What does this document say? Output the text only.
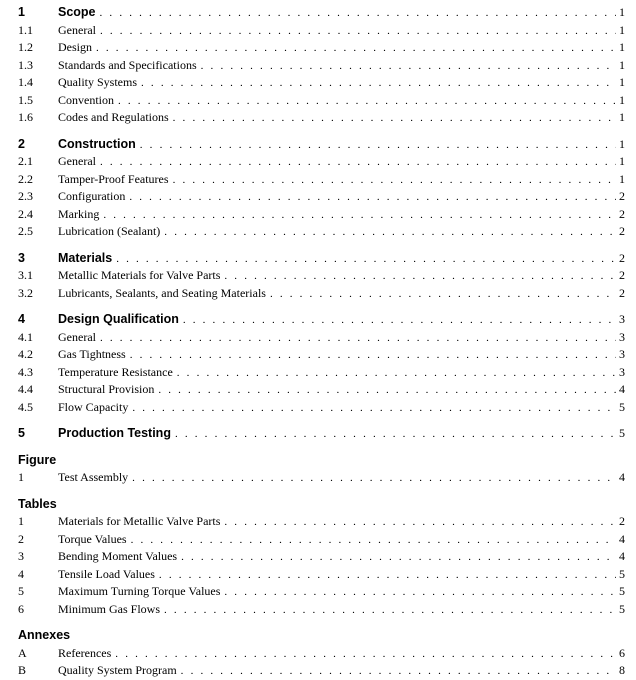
1	Scope . . .	1
1.1 General . . .	1
1.2 Design . . .	1
1.3 Standards and Specifications . . .	1
1.4 Quality Systems . . .	1
1.5 Convention . . .	1
1.6 Codes and Regulations . . .	1
2	Construction . . .	1
2.1 General . . .	1
2.2 Tamper-Proof Features . . .	1
2.3 Configuration . . .	2
2.4 Marking . . .	2
2.5 Lubrication (Sealant) . . .	2
3	Materials . . .	2
3.1 Metallic Materials for Valve Parts . . .	2
3.2 Lubricants, Sealants, and Seating Materials . . .	2
4	Design Qualification . . .	3
4.1 General . . .	3
4.2 Gas Tightness . . .	3
4.3 Temperature Resistance . . .	3
4.4 Structural Provision . . .	4
4.5 Flow Capacity . . .	5
5	Production Testing . . .	5
Figure
1	Test Assembly . . .	4
Tables
1	Materials for Metallic Valve Parts . . .	2
2	Torque Values . . .	4
3	Bending Moment Values . . .	4
4	Tensile Load Values . . .	5
5	Maximum Turning Torque Values . . .	5
6	Minimum Gas Flows . . .	5
Annexes
A	References . . .	6
B	Quality System Program . . .	8
